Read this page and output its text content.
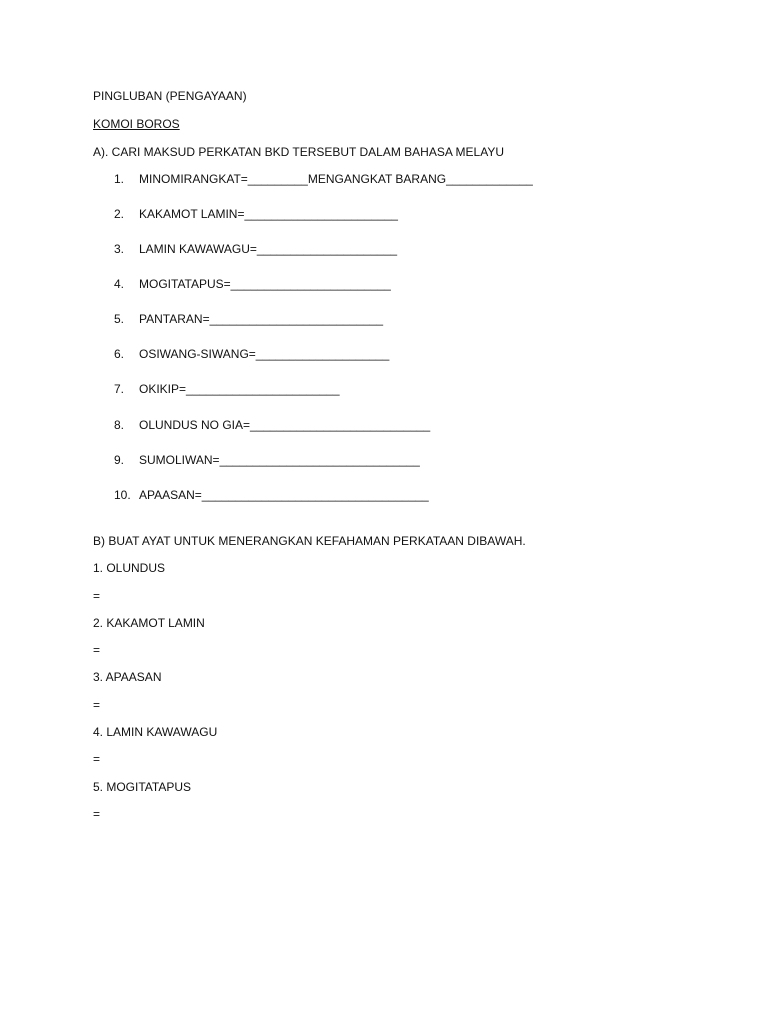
PINGLUBAN (PENGAYAAN)
KOMOI BOROS
A). CARI MAKSUD PERKATAN BKD TERSEBUT DALAM BAHASA MELAYU
1. MINOMIRANGKAT=_________MENGANGKAT BARANG_____________
2. KAKAMOT LAMIN=_______________________
3. LAMIN KAWAWAGU=_____________________
4. MOGITATAPUS=________________________
5. PANTARAN=__________________________
6. OSIWANG-SIWANG=____________________
7. OKIKIP=_______________________
8. OLUNDUS NO GIA=___________________________
9. SUMOLIWAN=______________________________
10. APAASAN=__________________________________
B) BUAT AYAT UNTUK MENERANGKAN KEFAHAMAN PERKATAAN DIBAWAH.
1. OLUNDUS
=
2. KAKAMOT LAMIN
=
3. APAASAN
=
4. LAMIN KAWAWAGU
=
5. MOGITATAPUS
=
